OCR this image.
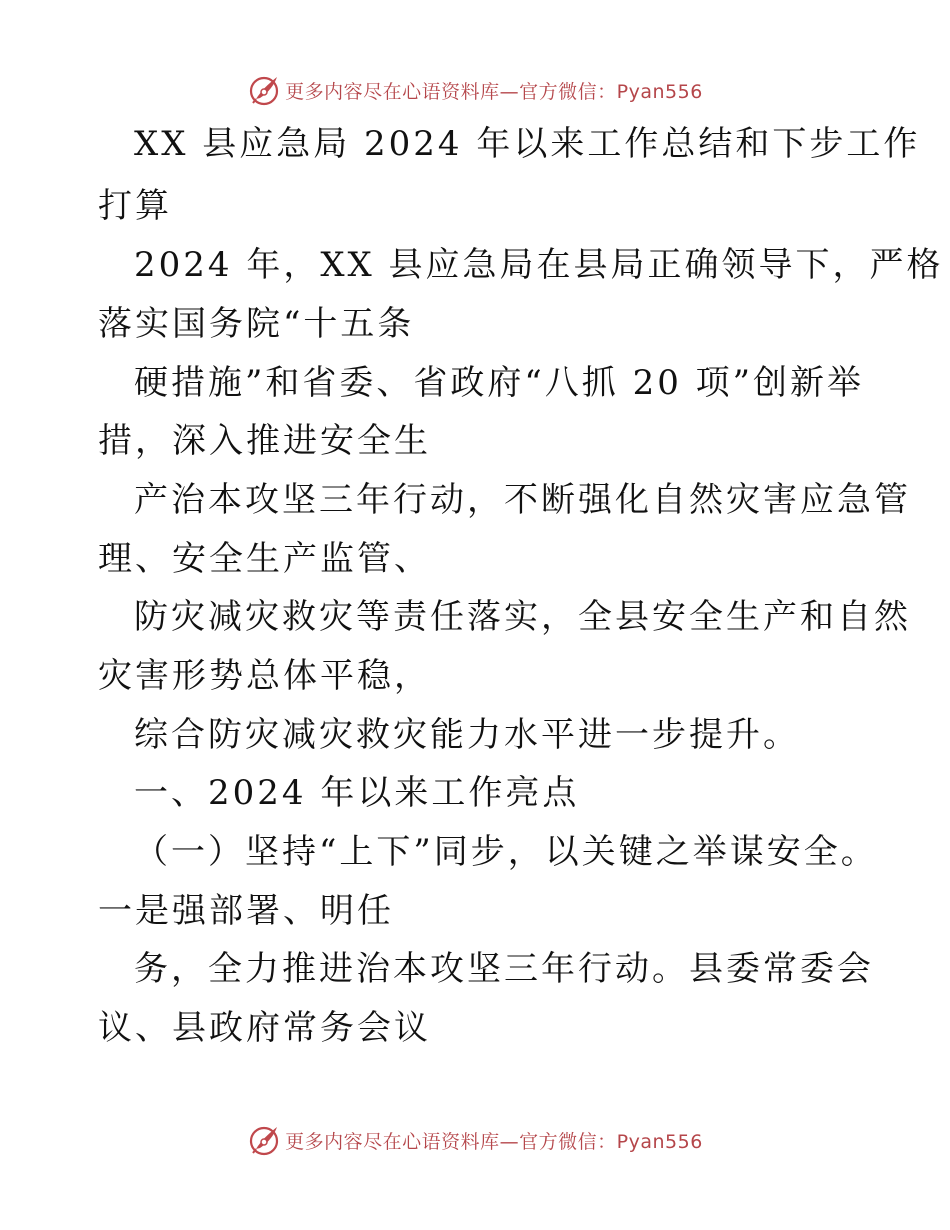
更多内容尽在心语资料库—官方微信：Pyan556
XX 县应急局 2024 年以来工作总结和下步工作
打算
2024 年，XX 县应急局在县局正确领导下，严格
落实国务院“十五条
硬措施”和省委、省政府“八抓 20 项”创新举
措，深入推进安全生
产治本攻坚三年行动，不断强化自然灾害应急管
理、安全生产监管、
防灾减灾救灾等责任落实，全县安全生产和自然
灾害形势总体平稳，
综合防灾减灾救灾能力水平进一步提升。
一、2024 年以来工作亮点
（一）坚持“上下”同步，以关键之举谋安全。
一是强部署、明任
务，全力推进治本攻坚三年行动。县委常委会
议、县政府常务会议
更多内容尽在心语资料库—官方微信：Pyan556
